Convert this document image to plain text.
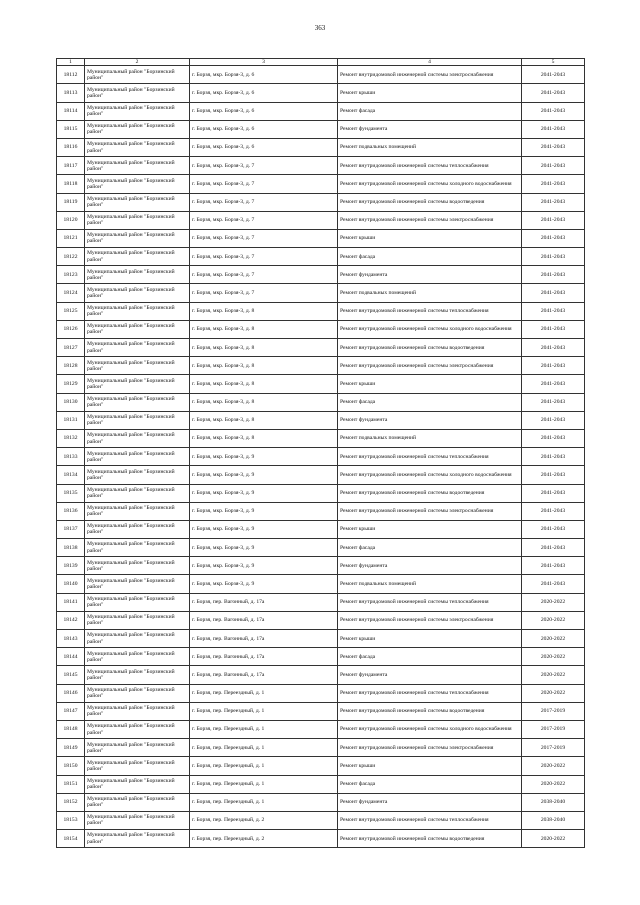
363
1	2	3	4	5
18112	Муниципальный район "Борзинский район"	г. Борзя, мкр. Борзя-3, д. 6	Ремонт внутридомовой инженерной системы электроснабжения	2041-2043
18113	Муниципальный район "Борзинский район"	г. Борзя, мкр. Борзя-3, д. 6	Ремонт крыши	2041-2043
18114	Муниципальный район "Борзинский район"	г. Борзя, мкр. Борзя-3, д. 6	Ремонт фасада	2041-2043
18115	Муниципальный район "Борзинский район"	г. Борзя, мкр. Борзя-3, д. 6	Ремонт фундамента	2041-2043
18116	Муниципальный район "Борзинский район"	г. Борзя, мкр. Борзя-3, д. 6	Ремонт подвальных помещений	2041-2043
18117	Муниципальный район "Борзинский район"	г. Борзя, мкр. Борзя-3, д. 7	Ремонт внутридомовой инженерной системы теплоснабжения	2041-2043
18118	Муниципальный район "Борзинский район"	г. Борзя, мкр. Борзя-3, д. 7	Ремонт внутридомовой инженерной системы холодного водоснабжения	2041-2043
18119	Муниципальный район "Борзинский район"	г. Борзя, мкр. Борзя-3, д. 7	Ремонт внутридомовой инженерной системы водоотведения	2041-2043
18120	Муниципальный район "Борзинский район"	г. Борзя, мкр. Борзя-3, д. 7	Ремонт внутридомовой инженерной системы электроснабжения	2041-2043
18121	Муниципальный район "Борзинский район"	г. Борзя, мкр. Борзя-3, д. 7	Ремонт крыши	2041-2043
18122	Муниципальный район "Борзинский район"	г. Борзя, мкр. Борзя-3, д. 7	Ремонт фасада	2041-2043
18123	Муниципальный район "Борзинский район"	г. Борзя, мкр. Борзя-3, д. 7	Ремонт фундамента	2041-2043
18124	Муниципальный район "Борзинский район"	г. Борзя, мкр. Борзя-3, д. 7	Ремонт подвальных помещений	2041-2043
18125	Муниципальный район "Борзинский район"	г. Борзя, мкр. Борзя-3, д. 8	Ремонт внутридомовой инженерной системы теплоснабжения	2041-2043
18126	Муниципальный район "Борзинский район"	г. Борзя, мкр. Борзя-3, д. 8	Ремонт внутридомовой инженерной системы холодного водоснабжения	2041-2043
18127	Муниципальный район "Борзинский район"	г. Борзя, мкр. Борзя-3, д. 8	Ремонт внутридомовой инженерной системы водоотведения	2041-2043
18128	Муниципальный район "Борзинский район"	г. Борзя, мкр. Борзя-3, д. 8	Ремонт внутридомовой инженерной системы электроснабжения	2041-2043
18129	Муниципальный район "Борзинский район"	г. Борзя, мкр. Борзя-3, д. 8	Ремонт крыши	2041-2043
18130	Муниципальный район "Борзинский район"	г. Борзя, мкр. Борзя-3, д. 8	Ремонт фасада	2041-2043
18131	Муниципальный район "Борзинский район"	г. Борзя, мкр. Борзя-3, д. 8	Ремонт фундамента	2041-2043
18132	Муниципальный район "Борзинский район"	г. Борзя, мкр. Борзя-3, д. 8	Ремонт подвальных помещений	2041-2043
18133	Муниципальный район "Борзинский район"	г. Борзя, мкр. Борзя-3, д. 9	Ремонт внутридомовой инженерной системы теплоснабжения	2041-2043
18134	Муниципальный район "Борзинский район"	г. Борзя, мкр. Борзя-3, д. 9	Ремонт внутридомовой инженерной системы холодного водоснабжения	2041-2043
18135	Муниципальный район "Борзинский район"	г. Борзя, мкр. Борзя-3, д. 9	Ремонт внутридомовой инженерной системы водоотведения	2041-2043
18136	Муниципальный район "Борзинский район"	г. Борзя, мкр. Борзя-3, д. 9	Ремонт внутридомовой инженерной системы электроснабжения	2041-2043
18137	Муниципальный район "Борзинский район"	г. Борзя, мкр. Борзя-3, д. 9	Ремонт крыши	2041-2043
18138	Муниципальный район "Борзинский район"	г. Борзя, мкр. Борзя-3, д. 9	Ремонт фасада	2041-2043
18139	Муниципальный район "Борзинский район"	г. Борзя, мкр. Борзя-3, д. 9	Ремонт фундамента	2041-2043
18140	Муниципальный район "Борзинский район"	г. Борзя, мкр. Борзя-3, д. 9	Ремонт подвальных помещений	2041-2043
18141	Муниципальный район "Борзинский район"	г. Борзя, пер. Вагонный, д. 17а	Ремонт внутридомовой инженерной системы теплоснабжения	2020-2022
18142	Муниципальный район "Борзинский район"	г. Борзя, пер. Вагонный, д. 17а	Ремонт внутридомовой инженерной системы электроснабжения	2020-2022
18143	Муниципальный район "Борзинский район"	г. Борзя, пер. Вагонный, д. 17а	Ремонт крыши	2020-2022
18144	Муниципальный район "Борзинский район"	г. Борзя, пер. Вагонный, д. 17а	Ремонт фасада	2020-2022
18145	Муниципальный район "Борзинский район"	г. Борзя, пер. Вагонный, д. 17а	Ремонт фундамента	2020-2022
18146	Муниципальный район "Борзинский район"	г. Борзя, пер. Переездный, д. 1	Ремонт внутридомовой инженерной системы теплоснабжения	2020-2022
18147	Муниципальный район "Борзинский район"	г. Борзя, пер. Переездный, д. 1	Ремонт внутридомовой инженерной системы водоотведения	2017-2019
18148	Муниципальный район "Борзинский район"	г. Борзя, пер. Переездный, д. 1	Ремонт внутридомовой инженерной системы холодного водоснабжения	2017-2019
18149	Муниципальный район "Борзинский район"	г. Борзя, пер. Переездный, д. 1	Ремонт внутридомовой инженерной системы электроснабжения	2017-2019
18150	Муниципальный район "Борзинский район"	г. Борзя, пер. Переездный, д. 1	Ремонт крыши	2020-2022
18151	Муниципальный район "Борзинский район"	г. Борзя, пер. Переездный, д. 1	Ремонт фасада	2020-2022
18152	Муниципальный район "Борзинский район"	г. Борзя, пер. Переездный, д. 1	Ремонт фундамента	2038-2040
18153	Муниципальный район "Борзинский район"	г. Борзя, пер. Переездный, д. 2	Ремонт внутридомовой инженерной системы теплоснабжения	2038-2040
18154	Муниципальный район "Борзинский район"	г. Борзя, пер. Переездный, д. 2	Ремонт внутридомовой инженерной системы водоотведения	2020-2022
